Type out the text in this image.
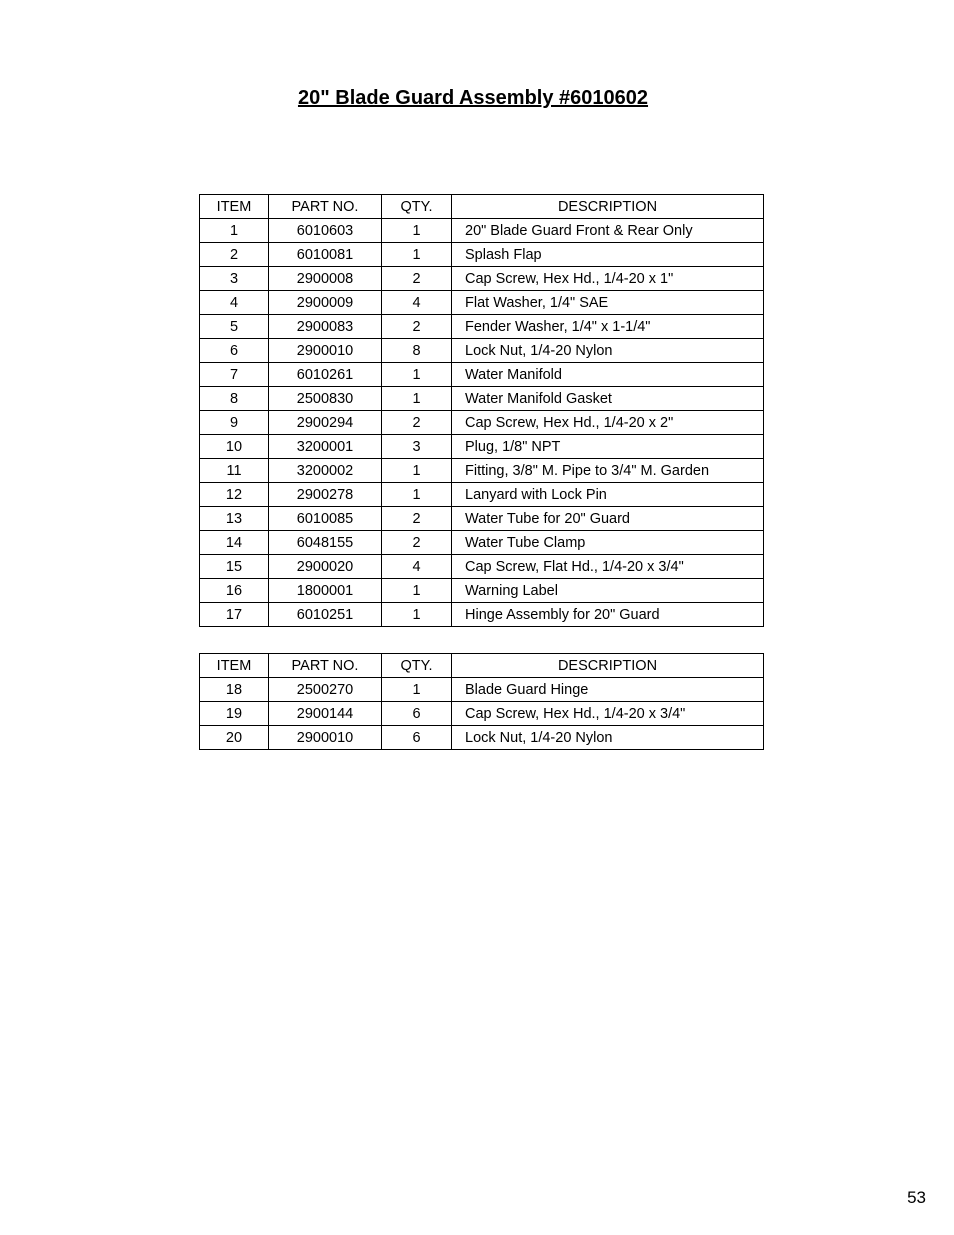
20" Blade Guard Assembly #6010602
ITEM	PART NO.	QTY.	DESCRIPTION
1	6010603	1	20" Blade Guard Front & Rear Only
2	6010081	1	Splash Flap
3	2900008	2	Cap Screw, Hex Hd., 1/4-20 x 1"
4	2900009	4	Flat Washer, 1/4" SAE
5	2900083	2	Fender Washer, 1/4" x 1-1/4"
6	2900010	8	Lock Nut, 1/4-20 Nylon
7	6010261	1	Water Manifold
8	2500830	1	Water Manifold Gasket
9	2900294	2	Cap Screw, Hex Hd., 1/4-20 x 2"
10	3200001	3	Plug, 1/8" NPT
11	3200002	1	Fitting, 3/8" M. Pipe to 3/4" M. Garden
12	2900278	1	Lanyard with Lock Pin
13	6010085	2	Water Tube for 20" Guard
14	6048155	2	Water Tube Clamp
15	2900020	4	Cap Screw, Flat Hd., 1/4-20 x 3/4"
16	1800001	1	Warning Label
17	6010251	1	Hinge Assembly for 20" Guard
ITEM	PART NO.	QTY.	DESCRIPTION
18	2500270	1	Blade Guard Hinge
19	2900144	6	Cap Screw, Hex Hd., 1/4-20 x 3/4"
20	2900010	6	Lock Nut, 1/4-20 Nylon
53
